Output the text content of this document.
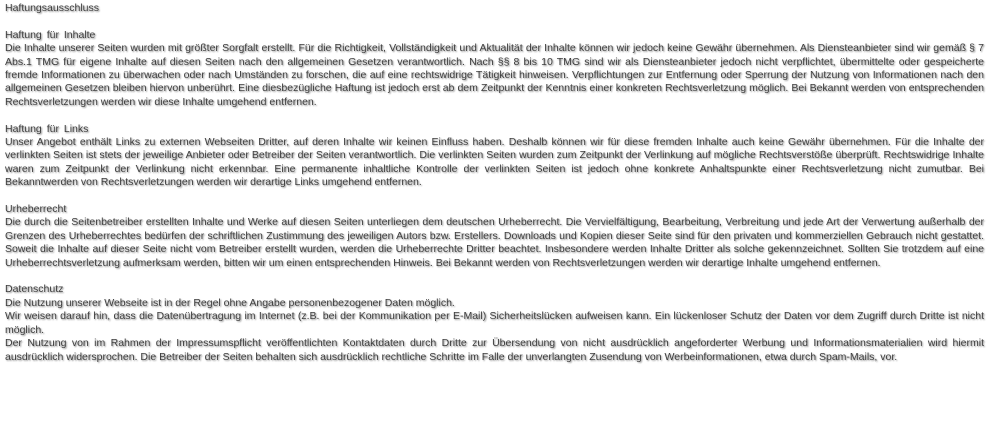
Haftungsausschluss
Haftung für Inhalte

Die Inhalte unserer Seiten wurden mit größter Sorgfalt erstellt. Für die Richtigkeit, Vollständigkeit und Aktualität der Inhalte können wir jedoch keine Gewähr übernehmen. Als Diensteanbieter sind wir gemäß § 7 Abs.1 TMG für eigene Inhalte auf diesen Seiten nach den allgemeinen Gesetzen verantwortlich. Nach §§ 8 bis 10 TMG sind wir als Diensteanbieter jedoch nicht verpflichtet, übermittelte oder gespeicherte fremde Informationen zu überwachen oder nach Umständen zu forschen, die auf eine rechtswidrige Tätigkeit hinweisen. Verpflichtungen zur Entfernung oder Sperrung der Nutzung von Informationen nach den allgemeinen Gesetzen bleiben hiervon unberührt. Eine diesbezügliche Haftung ist jedoch erst ab dem Zeitpunkt der Kenntnis einer konkreten Rechtsverletzung möglich. Bei Bekannt werden von entsprechenden Rechtsverletzungen werden wir diese Inhalte umgehend entfernen.

Haftung für Links

Unser Angebot enthält Links zu externen Webseiten Dritter, auf deren Inhalte wir keinen Einfluss haben. Deshalb können wir für diese fremden Inhalte auch keine Gewähr übernehmen. Für die Inhalte der verlinkten Seiten ist stets der jeweilige Anbieter oder Betreiber der Seiten verantwortlich. Die verlinkten Seiten wurden zum Zeitpunkt der Verlinkung auf mögliche Rechtsverstöße überprüft. Rechtswidrige Inhalte waren zum Zeitpunkt der Verlinkung nicht erkennbar. Eine permanente inhaltliche Kontrolle der verlinkten Seiten ist jedoch ohne konkrete Anhaltspunkte einer Rechtsverletzung nicht zumutbar. Bei Bekanntwerden von Rechtsverletzungen werden wir derartige Links umgehend entfernen.

Urheberrecht

Die durch die Seitenbetreiber erstellten Inhalte und Werke auf diesen Seiten unterliegen dem deutschen Urheberrecht. Die Vervielfältigung, Bearbeitung, Verbreitung und jede Art der Verwertung außerhalb der Grenzen des Urheberrechtes bedürfen der schriftlichen Zustimmung des jeweiligen Autors bzw. Erstellers. Downloads und Kopien dieser Seite sind für den privaten und kommerziellen Gebrauch nicht gestattet. Soweit die Inhalte auf dieser Seite nicht vom Betreiber erstellt wurden, werden die Urheberrechte Dritter beachtet. Insbesondere werden Inhalte Dritter als solche gekennzeichnet. Sollten Sie trotzdem auf eine Urheberrechtsverletzung aufmerksam werden, bitten wir um einen entsprechenden Hinweis. Bei Bekannt werden von Rechtsverletzungen werden wir derartige Inhalte umgehend entfernen.

Datenschutz

Die Nutzung unserer Webseite ist in der Regel ohne Angabe personenbezogener Daten möglich.

Wir weisen darauf hin, dass die Datenübertragung im Internet (z.B. bei der Kommunikation per E-Mail) Sicherheitslücken aufweisen kann. Ein lückenloser Schutz der Daten vor dem Zugriff durch Dritte ist nicht möglich.

Der Nutzung von im Rahmen der Impressumspflicht veröffentlichten Kontaktdaten durch Dritte zur Übersendung von nicht ausdrücklich angeforderter Werbung und Informationsmaterialien wird hiermit ausdrücklich widersprochen. Die Betreiber der Seiten behalten sich ausdrücklich rechtliche Schritte im Falle der unverlangten Zusendung von Werbeinformationen, etwa durch Spam-Mails, vor.
